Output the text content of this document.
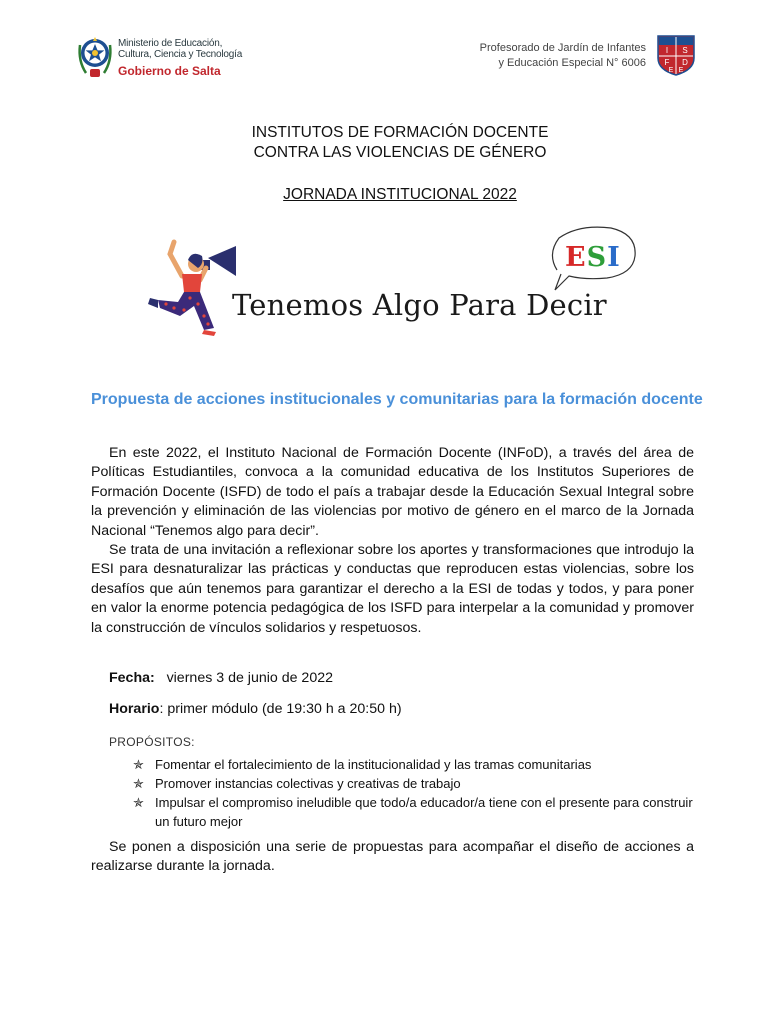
Ministerio de Educación,
Cultura, Ciencia y Tecnología
Gobierno de Salta
Profesorado de Jardín de Infantes
y Educación Especial N° 6006
I S
F D
E E
INSTITUTOS DE FORMACIÓN DOCENTE
CONTRA LAS VIOLENCIAS DE GÉNERO
JORNADA INSTITUCIONAL 2022
Tenemos Algo Para Decir
ESI
Propuesta de acciones institucionales y comunitarias para la formación docente

En este 2022, el Instituto Nacional de Formación Docente (INFoD), a través del área de Políticas Estudiantiles, convoca a la comunidad educativa de los Institutos Superiores de Formación Docente (ISFD) de todo el país a trabajar desde la Educación Sexual Integral sobre la prevención y eliminación de las violencias por motivo de género en el marco de la Jornada Nacional “Tenemos algo para decir”.

Se trata de una invitación a reflexionar sobre los aportes y transformaciones que introdujo la ESI para desnaturalizar las prácticas y conductas que reproducen estas violencias, sobre los desafíos que aún tenemos para garantizar el derecho a la ESI de todas y todos, y para poner en valor la enorme potencia pedagógica de los ISFD para interpelar a la comunidad y promover la construcción de vínculos solidarios y respetuosos.

Fecha: viernes 3 de junio de 2022
Horario: primer módulo (de 19:30 h a 20:50 h)
PROPÓSITOS:
✯ Fomentar el fortalecimiento de la institucionalidad y las tramas comunitarias
✯ Promover instancias colectivas y creativas de trabajo
✯ Impulsar el compromiso ineludible que todo/a educador/a tiene con el presente para construir un futuro mejor

Se ponen a disposición una serie de propuestas para acompañar el diseño de acciones a realizarse durante la jornada.
